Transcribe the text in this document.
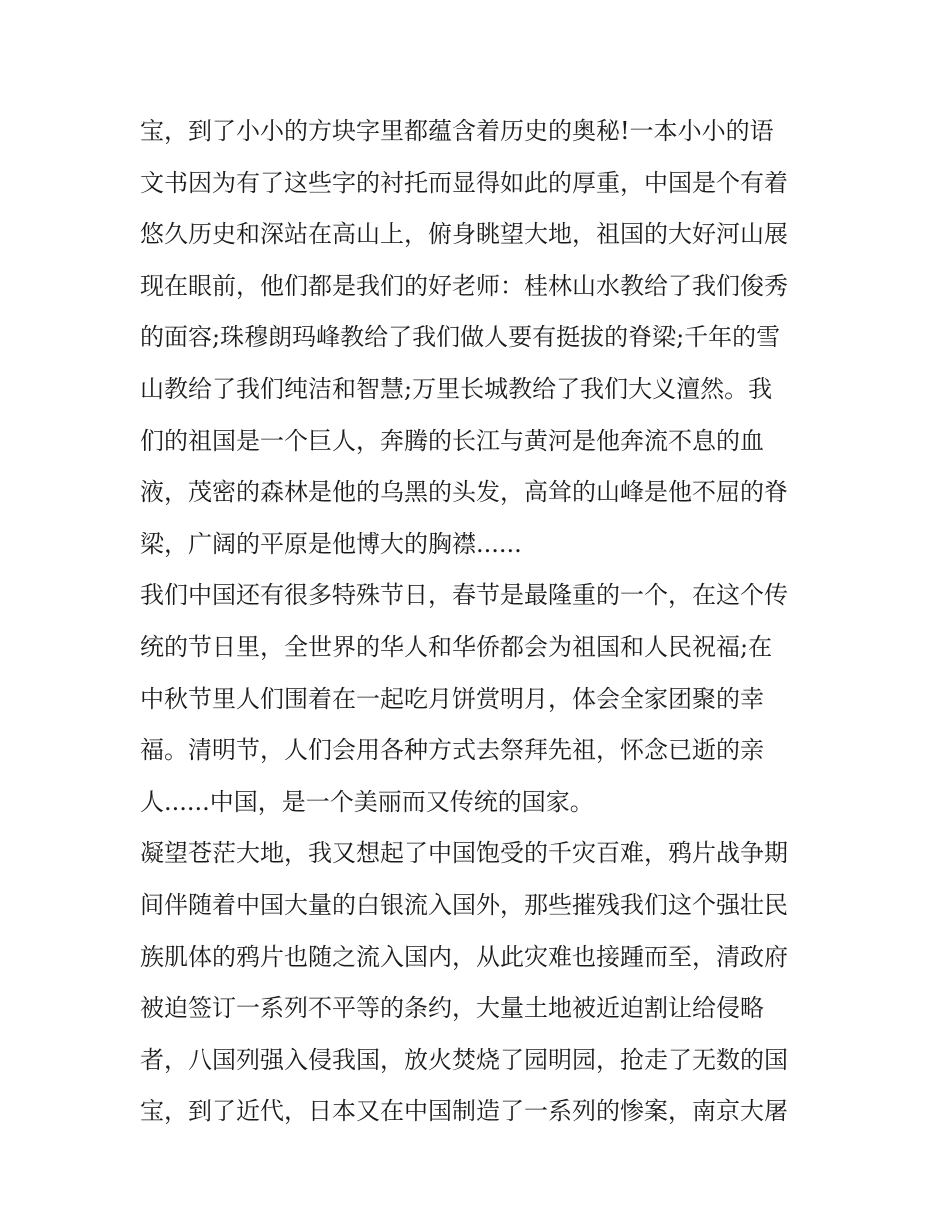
宝，到了小小的方块字里都蕴含着历史的奥秘!一本小小的语
文书因为有了这些字的衬托而显得如此的厚重，中国是个有着
悠久历史和深站在高山上，俯身眺望大地，祖国的大好河山展
现在眼前，他们都是我们的好老师：桂林山水教给了我们俊秀
的面容;珠穆朗玛峰教给了我们做人要有挺拔的脊梁;千年的雪
山教给了我们纯洁和智慧;万里长城教给了我们大义澶然。我
们的祖国是一个巨人，奔腾的长江与黄河是他奔流不息的血
液，茂密的森林是他的乌黑的头发，高耸的山峰是他不屈的脊
梁，广阔的平原是他博大的胸襟......
我们中国还有很多特殊节日，春节是最隆重的一个，在这个传
统的节日里，全世界的华人和华侨都会为祖国和人民祝福;在
中秋节里人们围着在一起吃月饼赏明月，体会全家团聚的幸
福。清明节，人们会用各种方式去祭拜先祖，怀念已逝的亲
人......中国，是一个美丽而又传统的国家。
凝望苍茫大地，我又想起了中国饱受的千灾百难，鸦片战争期
间伴随着中国大量的白银流入国外，那些摧残我们这个强壮民
族肌体的鸦片也随之流入国内，从此灾难也接踵而至，清政府
被迫签订一系列不平等的条约，大量土地被近迫割让给侵略
者，八国列强入侵我国，放火焚烧了园明园，抢走了无数的国
宝，到了近代，日本又在中国制造了一系列的惨案，南京大屠
